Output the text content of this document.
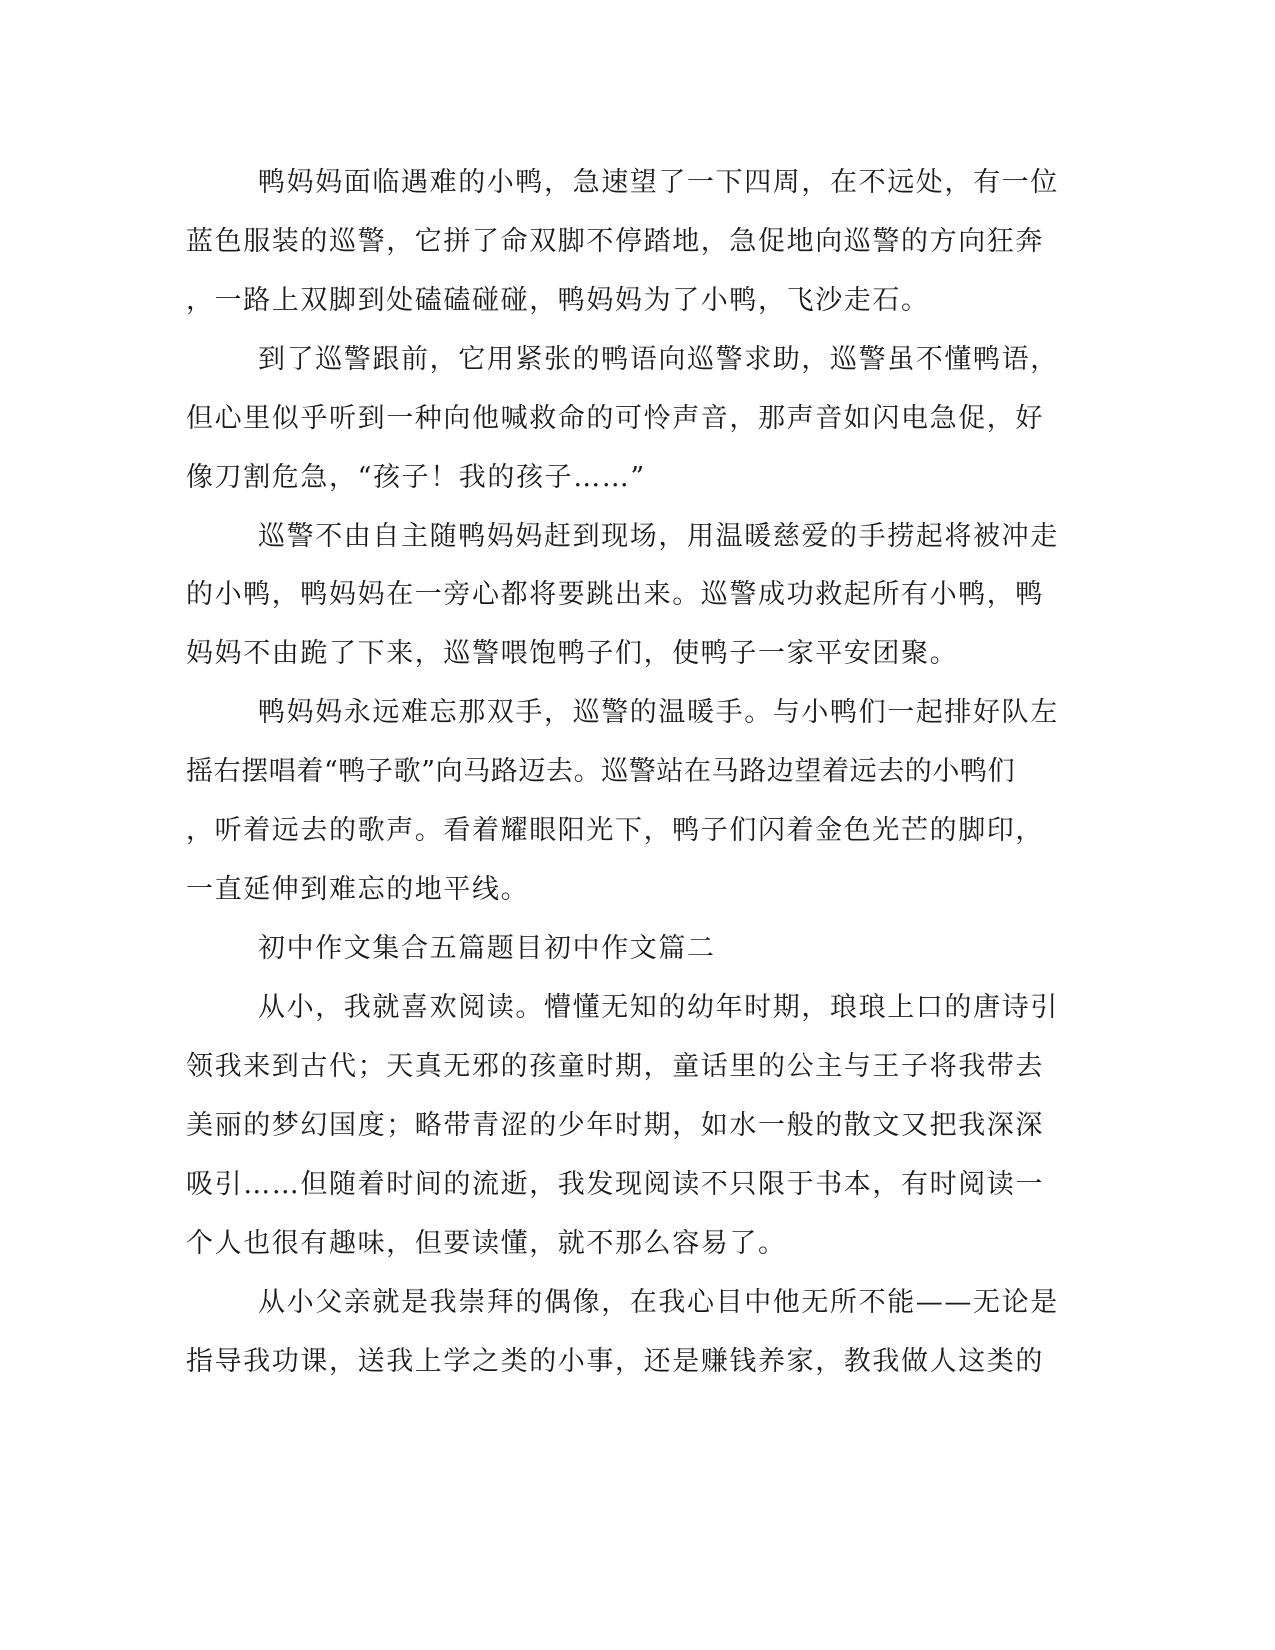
鸭妈妈面临遇难的小鸭，急速望了一下四周，在不远处，有一位

蓝色服装的巡警，它拼了命双脚不停踏地，急促地向巡警的方向狂奔

，一路上双脚到处磕磕碰碰，鸭妈妈为了小鸭，飞沙走石。

到了巡警跟前，它用紧张的鸭语向巡警求助，巡警虽不懂鸭语，

但心里似乎听到一种向他喊救命的可怜声音，那声音如闪电急促，好

像刀割危急，“孩子！我的孩子……”

巡警不由自主随鸭妈妈赶到现场，用温暖慈爱的手捞起将被冲走

的小鸭，鸭妈妈在一旁心都将要跳出来。巡警成功救起所有小鸭，鸭

妈妈不由跪了下来，巡警喂饱鸭子们，使鸭子一家平安团聚。

鸭妈妈永远难忘那双手，巡警的温暖手。与小鸭们一起排好队左

摇右摆唱着“鸭子歌”向马路迈去。巡警站在马路边望着远去的小鸭们

，听着远去的歌声。看着耀眼阳光下，鸭子们闪着金色光芒的脚印，

一直延伸到难忘的地平线。

初中作文集合五篇题目初中作文篇二

从小，我就喜欢阅读。懵懂无知的幼年时期，琅琅上口的唐诗引

领我来到古代；天真无邪的孩童时期，童话里的公主与王子将我带去

美丽的梦幻国度；略带青涩的少年时期，如水一般的散文又把我深深

吸引……但随着时间的流逝，我发现阅读不只限于书本，有时阅读一

个人也很有趣味，但要读懂，就不那么容易了。

从小父亲就是我崇拜的偶像，在我心目中他无所不能——无论是

指导我功课，送我上学之类的小事，还是赚钱养家，教我做人这类的
